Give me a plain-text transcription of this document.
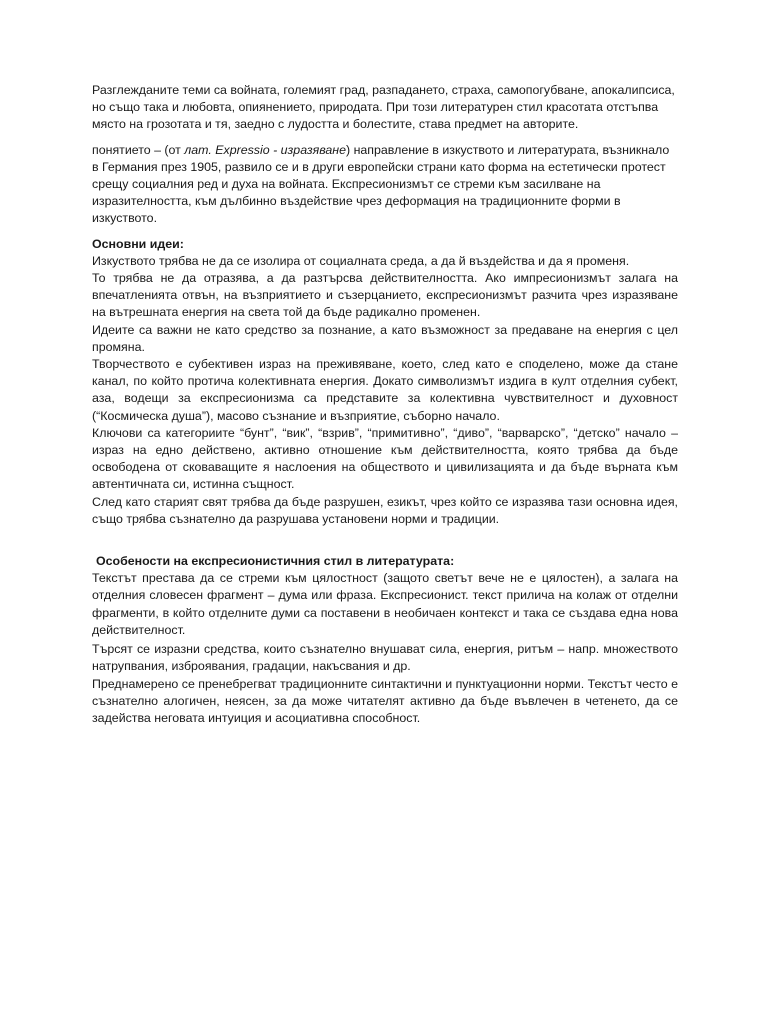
Разглежданите теми са войната, големият град, разпадането, страха, самопогубване, апокалипсиса, но също така и любовта, опиянението, природата. При този литературен стил красотата отстъпва място на грозотата и тя, заедно с лудостта и болестите, става предмет на авторите.

понятието – (от лат. Expressio - изразяване) направление в изкуството и литературата, възникнало в Германия през 1905, развило се и в други европейски страни като форма на естетически протест срещу социалния ред и духа на войната. Експресионизмът се стреми към засилване на изразителността, към дълбинно въздействие чрез деформация на традиционните форми в изкуството.

Основни идеи:

Изкуството трябва не да се изолира от социалната среда, а да й въздейства и да я променя.

То трябва не да отразява, а да разтърсва действителността. Ако импресионизмът залага на впечатленията отвън, на възприятието и съзерцанието, експресионизмът разчита чрез изразяване на вътрешната енергия на света той да бъде радикално променен.

Идеите са важни не като средство за познание, а като възможност за предаване на енергия с цел промяна.

Творчеството е субективен израз на преживяване, което, след като е споделено, може да стане канал, по който протича колективната енергия. Докато символизмът издига в култ отделния субект, аза, водещи за експресионизма са представите за колективна чувствителност и духовност (“Космическа душа”), масово съзнание и възприятие, съборно начало.

Ключови са категориите “бунт”, “вик”, “взрив”, “примитивно”, “диво”, “варварско”, “детско” начало – израз на едно действено, активно отношение към действителността, която трябва да бъде освободена от сковаващите я наслоения на обществото и цивилизацията и да бъде върната към автентичната си, истинна същност.

След като старият свят трябва да бъде разрушен, езикът, чрез който се изразява тази основна идея, също трябва съзнателно да разрушава установени норми и традиции.

Особености на експресионистичния стил в литературата:

Текстът престава да се стреми към цялостност (защото светът вече не е цялостен), а залага на отделния словесен фрагмент – дума или фраза. Експресионист. текст прилича на колаж от отделни фрагменти, в който отделните думи са поставени в необичаен контекст и така се създава една нова действителност.

Търсят се изразни средства, които съзнателно внушават сила, енергия, ритъм – напр. множеството натрупвания, изброявания, градации, накъсвания и др.

Преднамерено се пренебрегват традиционните синтактични и пунктуационни норми. Текстът често е съзнателно алогичен, неясен, за да може читателят активно да бъде въвлечен в четенето, да се задейства неговата интуиция и асоциативна способност.
